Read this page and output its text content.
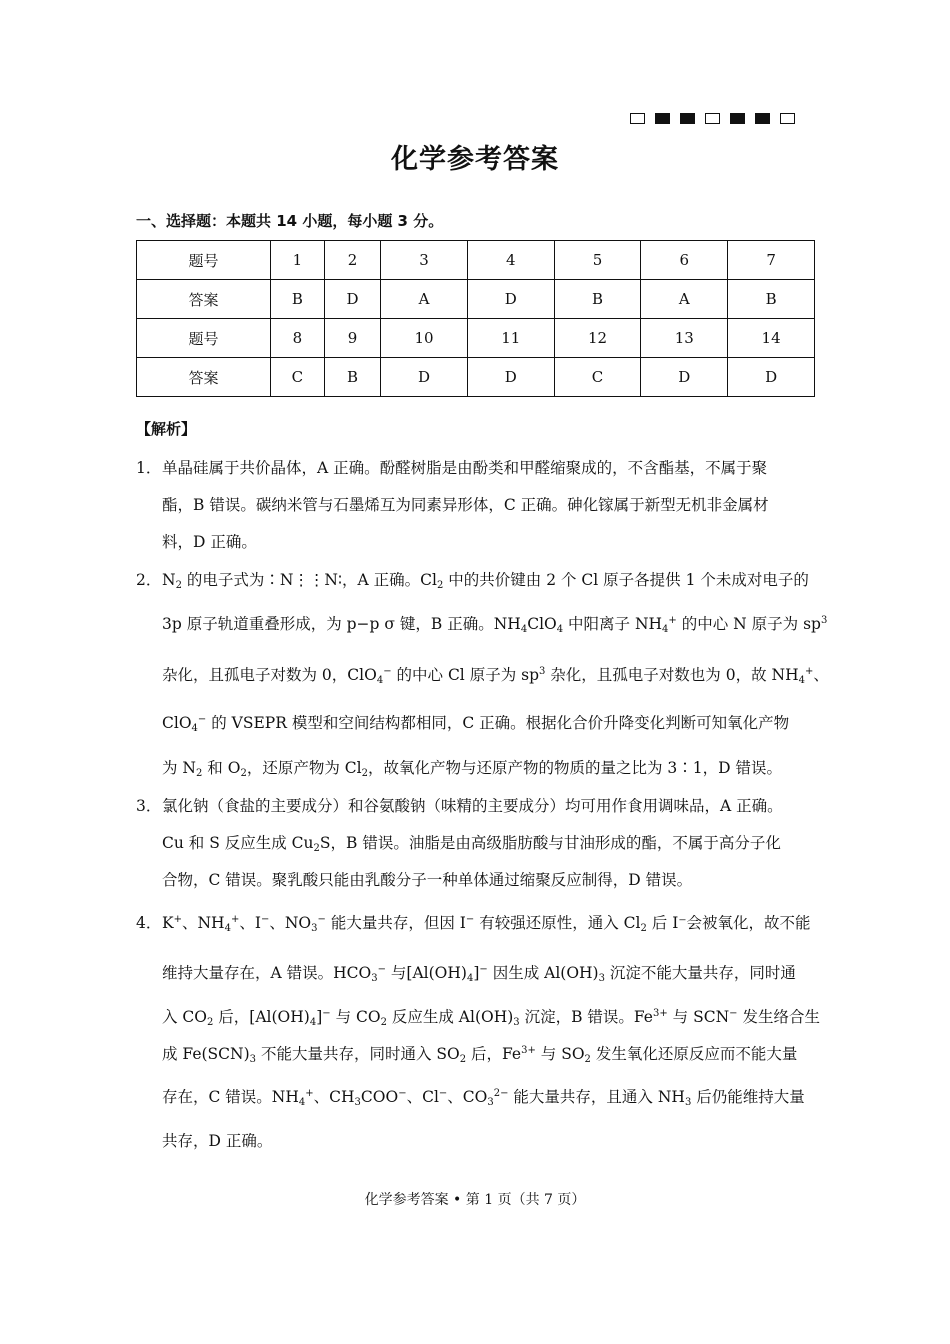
化学参考答案
一、选择题：本题共 14 小题，每小题 3 分。
题号	1	2	3	4	5	6	7
答案	B	D	A	D	B	A	B
题号	8	9	10	11	12	13	14
答案	C	B	D	D	C	D	D
【解析】
1． 单晶硅属于共价晶体，A 正确。酚醛树脂是由酚类和甲醛缩聚成的，不含酯基，不属于聚
酯，B 错误。碳纳米管与石墨烯互为同素异形体，C 正确。砷化镓属于新型无机非金属材
料，D 正确。
2． $N_2$ 的电子式为∶N⋮⋮N∶，A 正确。$Cl_2$ 中的共价键由 2 个 Cl 原子各提供 1 个未成对电子的
3p 原子轨道重叠形成，为 p−p σ 键，B 正确。$NH_4ClO_4$ 中阳离子 $NH_4^+$ 的中心 N 原子为 $sp^3$
杂化，且孤电子对数为 0，ClO$_4$− 的中心 Cl 原子为 $sp^3$ 杂化，且孤电子对数也为 0，故 $NH_4^+$、
ClO$_4$− 的 VSEPR 模型和空间结构都相同，C 正确。根据化合价升降变化判断可知氧化产物
为 $N_2$ 和 $O_2$，还原产物为 $Cl_2$，故氧化产物与还原产物的物质的量之比为 3∶1，D 错误。
3． 氯化钠（食盐的主要成分）和谷氨酸钠（味精的主要成分）均可用作食用调味品，A 正确。
Cu 和 S 反应生成 $Cu_2S$，B 错误。油脂是由高级脂肪酸与甘油形成的酯，不属于高分子化
合物，C 错误。聚乳酸只能由乳酸分子一种单体通过缩聚反应制得，D 错误。
4． K+、$NH_4^+$、I−、$NO_3^-$ 能大量共存，但因 I− 有较强还原性，通入 $Cl_2$ 后 I⁻会被氧化，故不能
维持大量存在，A 错误。$HCO_3^-$ 与$[Al(OH)_4]^-$ 因生成 $Al(OH)_3$ 沉淀不能大量共存，同时通
入 $CO_2$ 后，$[Al(OH)_4]^-$ 与 $CO_2$ 反应生成 $Al(OH)_3$ 沉淀，B 错误。$Fe^{3+}$ 与 SCN− 发生络合生
成 $Fe(SCN)_3$ 不能大量共存，同时通入 $SO_2$ 后，$Fe^{3+}$ 与 $SO_2$ 发生氧化还原反应而不能大量
存在，C 错误。$NH_4^+$、$CH_3COO^-$、Cl−、$CO_3^{2-}$ 能大量共存，且通入 $NH_3$ 后仍能维持大量
共存，D 正确。
化学参考答案 • 第 1 页（共 7 页）
